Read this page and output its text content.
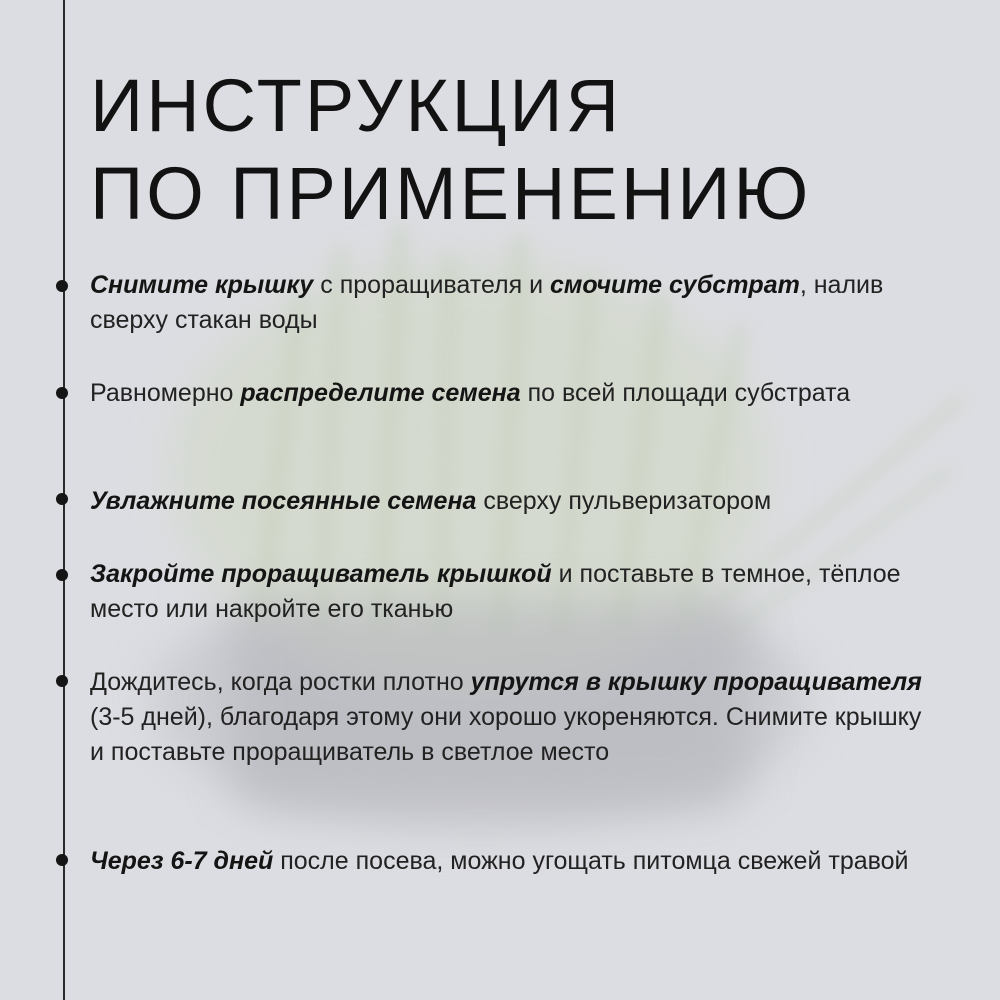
ИНСТРУКЦИЯ
ПО ПРИМЕНЕНИЮ
Снимите крышку с проращивателя и смочите субстрат, налив сверху стакан воды
Равномерно распределите семена по всей площади субстрата
Увлажните посеянные семена сверху пульверизатором
Закройте проращиватель крышкой и поставьте в темное, тёплое место или накройте его тканью
Дождитесь, когда ростки плотно упрутся в крышку проращивателя (3-5 дней), благодаря этому они хорошо укореняются. Снимите крышку и поставьте проращиватель в светлое место
Через 6-7 дней после посева, можно угощать питомца свежей травой
